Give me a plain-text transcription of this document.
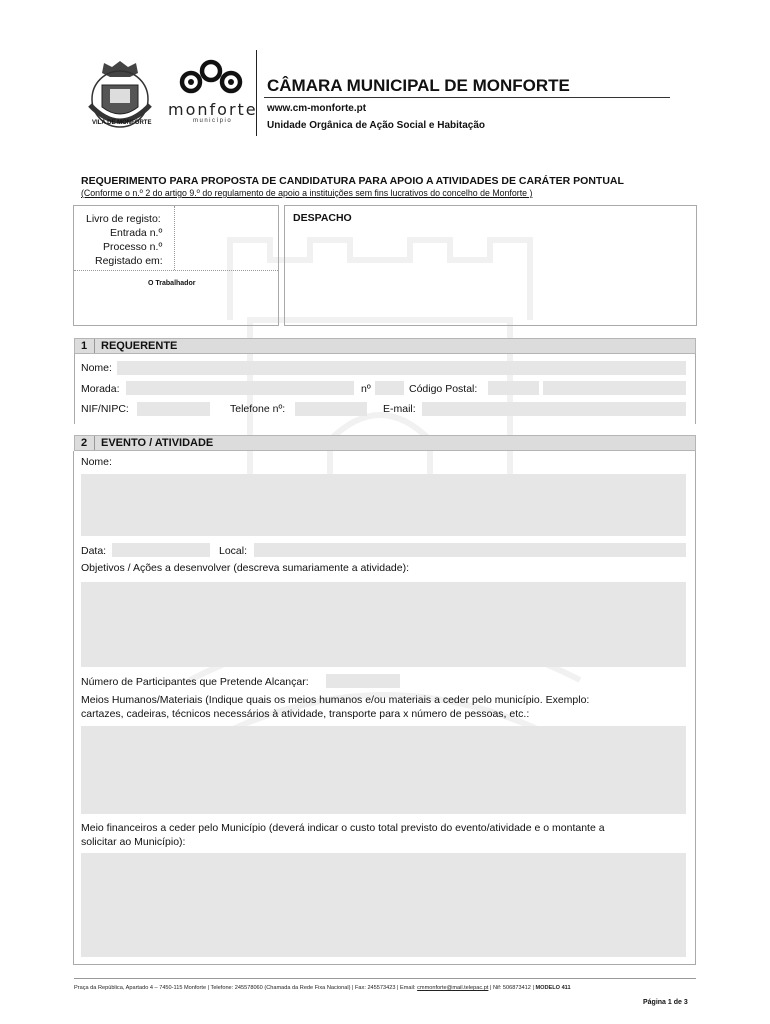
VILA DE MONFORTE
monforte
município
CÂMARA MUNICIPAL DE MONFORTE
www.cm-monforte.pt
Unidade Orgânica de Ação Social e Habitação
REQUERIMENTO PARA PROPOSTA DE CANDIDATURA PARA APOIO A ATIVIDADES DE CARÁTER PONTUAL
(Conforme o n.º 2 do artigo 9.º do regulamento de apoio a instituições sem fins lucrativos do concelho de Monforte )
Livro de registo:
Entrada n.º
Processo n.º
Registado em:
O Trabalhador
DESPACHO
1 REQUERENTE
Nome:
Morada:	nº	Código Postal:
NIF/NIPC:	Telefone nº:	E-mail:
2 EVENTO / ATIVIDADE
Nome:
Data:	Local:
Objetivos / Ações a desenvolver (descreva sumariamente a atividade):
Número de Participantes que Pretende Alcançar:
Meios Humanos/Materiais (Indique quais os meios humanos e/ou materiais a ceder pelo município. Exemplo:
cartazes, cadeiras, técnicos necessários à atividade, transporte para x número de pessoas, etc.:
Meio financeiros a ceder pelo Município (deverá indicar o custo total previsto do evento/atividade e o montante a
solicitar ao Município):
Praça da República, Apartado 4 – 7450-115 Monforte | Telefone: 245578060 (Chamada da Rede Fixa Nacional) | Fax: 245573423 | Email: cmmonforte@mail.telepac.pt | Nif: 506873412 | MODELO 411
Página 1 de 3
